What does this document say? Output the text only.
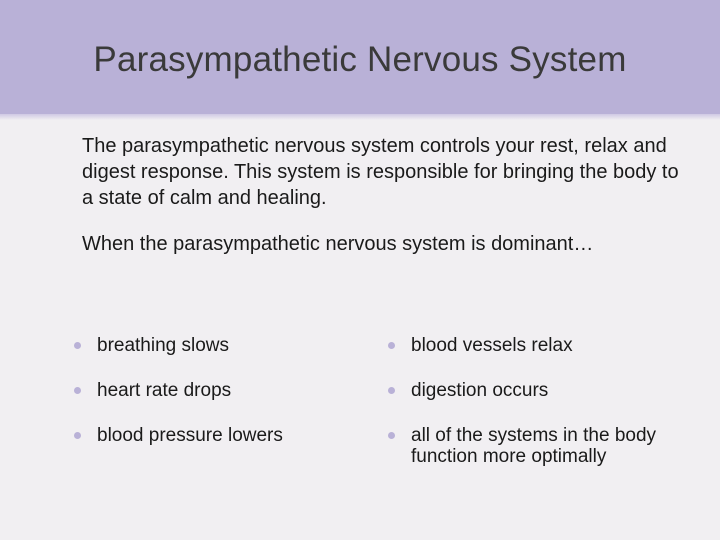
Parasympathetic Nervous System

The parasympathetic nervous system controls your rest, relax and digest response. This system is responsible for bringing the body to a state of calm and healing.

When the parasympathetic nervous system is dominant…

breathing slows
heart rate drops
blood pressure lowers
blood vessels relax
digestion occurs
all of the systems in the body function more optimally
